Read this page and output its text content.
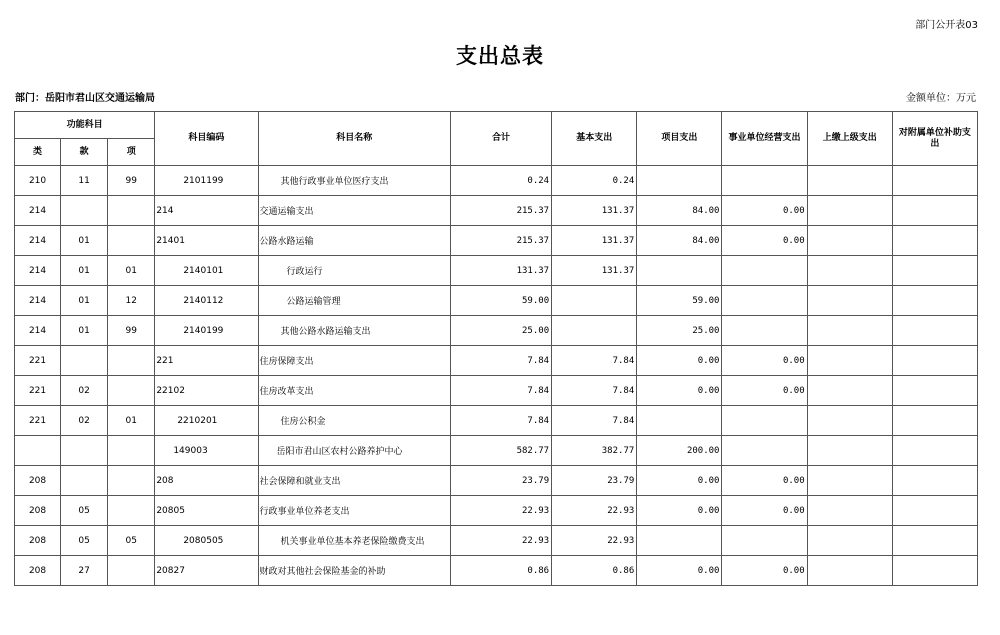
部门公开表03
支出总表
部门：岳阳市君山区交通运输局	金额单位：万元
功能科目			科目编码	科目名称	合计	基本支出	项目支出	事业单位经营支出	上缴上级支出	对附属单位补助支出
类	款	项								
210	11	99	2101199	其他行政事业单位医疗支出	0.24	0.24				
214			214	交通运输支出	215.37	131.37	84.00	0.00		
214	01		21401	公路水路运输	215.37	131.37	84.00	0.00		
214	01	01	2140101	行政运行	131.37	131.37				
214	01	12	2140112	公路运输管理	59.00		59.00			
214	01	99	2140199	其他公路水路运输支出	25.00		25.00			
221			221	住房保障支出	7.84	7.84	0.00	0.00		
221	02		22102	住房改革支出	7.84	7.84	0.00	0.00		
221	02	01	2210201	住房公积金	7.84	7.84				
			149003	岳阳市君山区农村公路养护中心	582.77	382.77	200.00			
208			208	社会保障和就业支出	23.79	23.79	0.00	0.00		
208	05		20805	行政事业单位养老支出	22.93	22.93	0.00	0.00		
208	05	05	2080505	机关事业单位基本养老保险缴费支出	22.93	22.93				
208	27		20827	财政对其他社会保险基金的补助	0.86	0.86	0.00	0.00		
